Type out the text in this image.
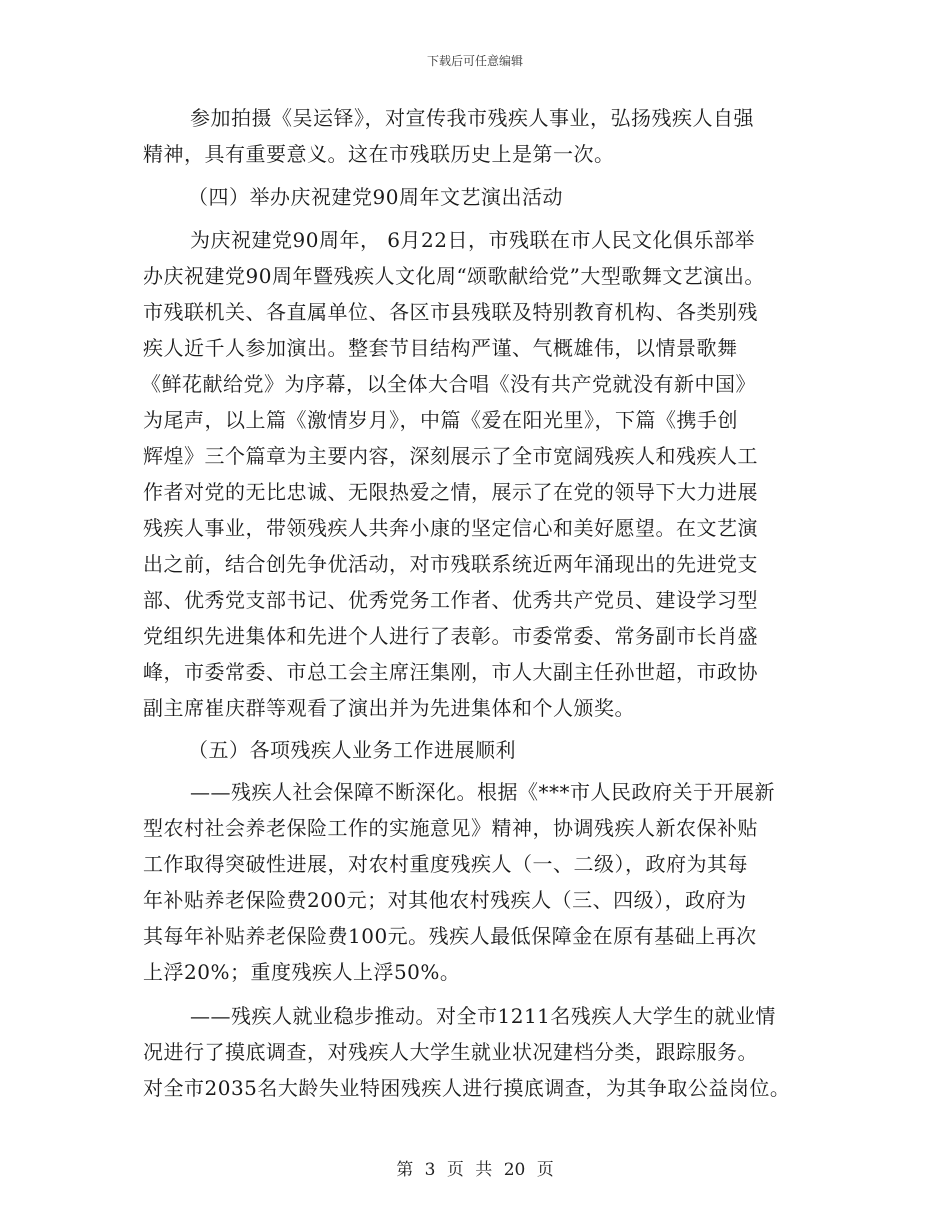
下载后可任意编辑
参加拍摄《吴运铎》，对宣传我市残疾人事业，弘扬残疾人自强
精神，具有重要意义。这在市残联历史上是第一次。
（四）举办庆祝建党90周年文艺演出活动
为庆祝建党90周年， 6月22日，市残联在市人民文化俱乐部举
办庆祝建党90周年暨残疾人文化周“颂歌献给党”大型歌舞文艺演出。
市残联机关、各直属单位、各区市县残联及特别教育机构、各类别残
疾人近千人参加演出。整套节目结构严谨、气概雄伟，以情景歌舞
《鲜花献给党》为序幕，以全体大合唱《没有共产党就没有新中国》
为尾声，以上篇《激情岁月》，中篇《爱在阳光里》，下篇《携手创
辉煌》三个篇章为主要内容，深刻展示了全市宽阔残疾人和残疾人工
作者对党的无比忠诚、无限热爱之情，展示了在党的领导下大力进展
残疾人事业，带领残疾人共奔小康的坚定信心和美好愿望。在文艺演
出之前，结合创先争优活动，对市残联系统近两年涌现出的先进党支
部、优秀党支部书记、优秀党务工作者、优秀共产党员、建设学习型
党组织先进集体和先进个人进行了表彰。市委常委、常务副市长肖盛
峰，市委常委、市总工会主席汪集刚，市人大副主任孙世超，市政协
副主席崔庆群等观看了演出并为先进集体和个人颁奖。
（五）各项残疾人业务工作进展顺利
——残疾人社会保障不断深化。根据《***市人民政府关于开展新
型农村社会养老保险工作的实施意见》精神，协调残疾人新农保补贴
工作取得突破性进展，对农村重度残疾人（一、二级），政府为其每
年补贴养老保险费200元；对其他农村残疾人（三、四级），政府为
其每年补贴养老保险费100元。残疾人最低保障金在原有基础上再次
上浮20%；重度残疾人上浮50%。
——残疾人就业稳步推动。对全市1211名残疾人大学生的就业情
况进行了摸底调查，对残疾人大学生就业状况建档分类，跟踪服务。
对全市2035名大龄失业特困残疾人进行摸底调查，为其争取公益岗位。
第 3 页 共 20 页
